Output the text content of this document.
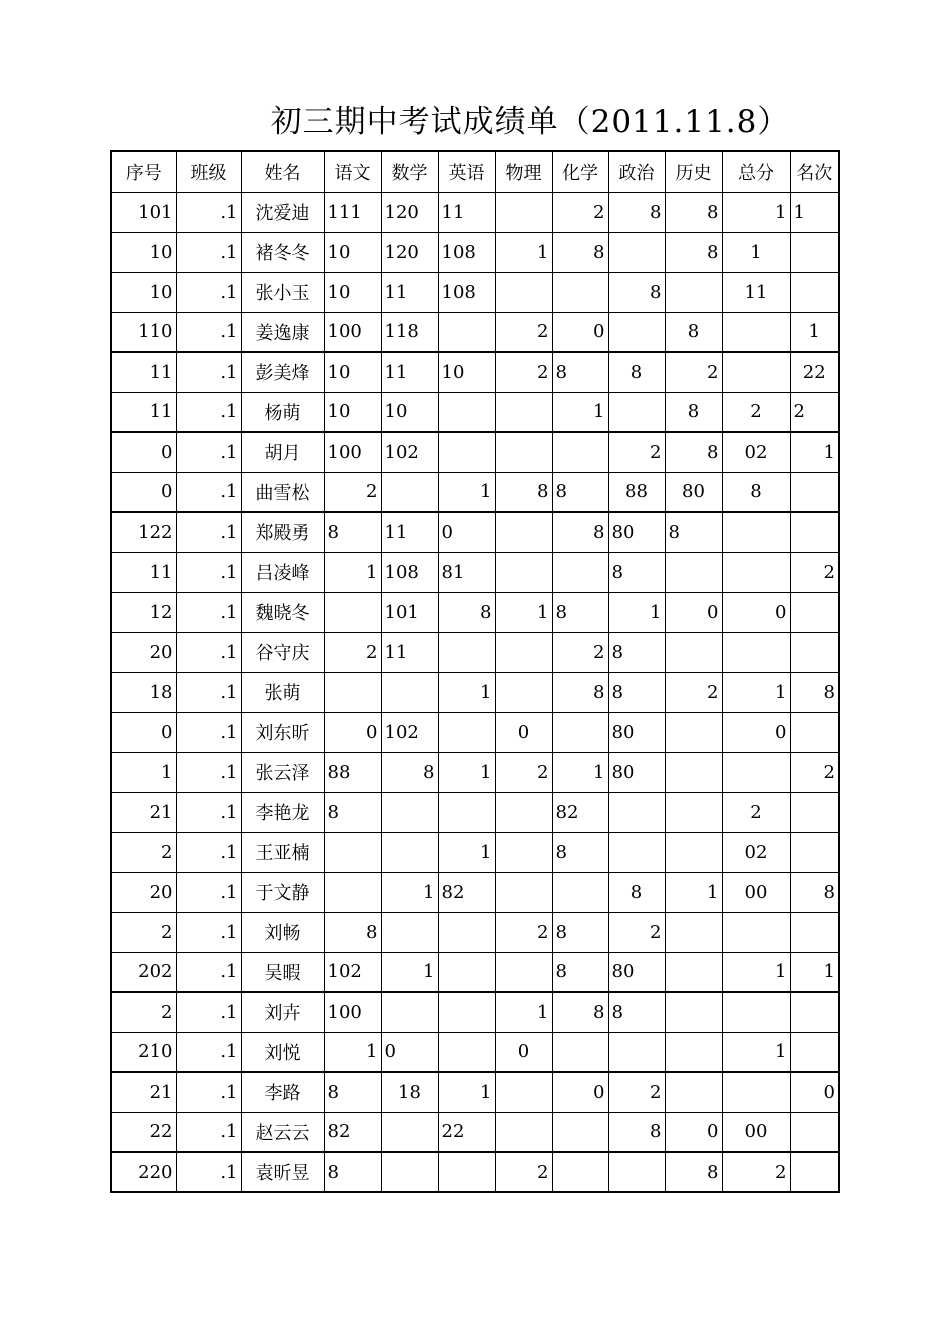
初三期中考试成绩单（2011.11.8）
序号	班级	姓名	语文	数学	英语	物理	化学	政治	历史	总分	名次
101	.1	沈爱迪	111	120	11		2	8	8	1	1
10	.1	褚冬冬	10	120	108	1	8		8	1	
10	.1	张小玉	10	11	108			8		11	
110	.1	姜逸康	100	118		2	0		8		1
11	.1	彭美烽	10	11	10	2	8	8	2		22
11	.1	杨萌	10	10			1		8	2	2
0	.1	胡月	100	102				2	8	02	1
0	.1	曲雪松	2		1	8	8	88	80	8	
122	.1	郑殿勇	8	11	0		8	80	8		
11	.1	吕凌峰	1	108	81			8			2
12	.1	魏晓冬		101	8	1	8	1	0	0	
20	.1	谷守庆	2	11			2	8			
18	.1	张萌			1		8	8	2	1	8
0	.1	刘东昕	0	102		0		80		0	
1	.1	张云泽	88	8	1	2	1	80			2
21	.1	李艳龙	8				82			2	
2	.1	王亚楠			1		8			02	
20	.1	于文静		1	82			8	1	00	8
2	.1	刘畅	8			2	8	2			
202	.1	吴暇	102	1			8	80		1	1
2	.1	刘卉	100			1	8	8			
210	.1	刘悦	1	0		0				1	
21	.1	李路	8	18	1		0	2			0
22	.1	赵云云	82		22			8	0	00	
220	.1	袁昕昱	8			2			8	2	
